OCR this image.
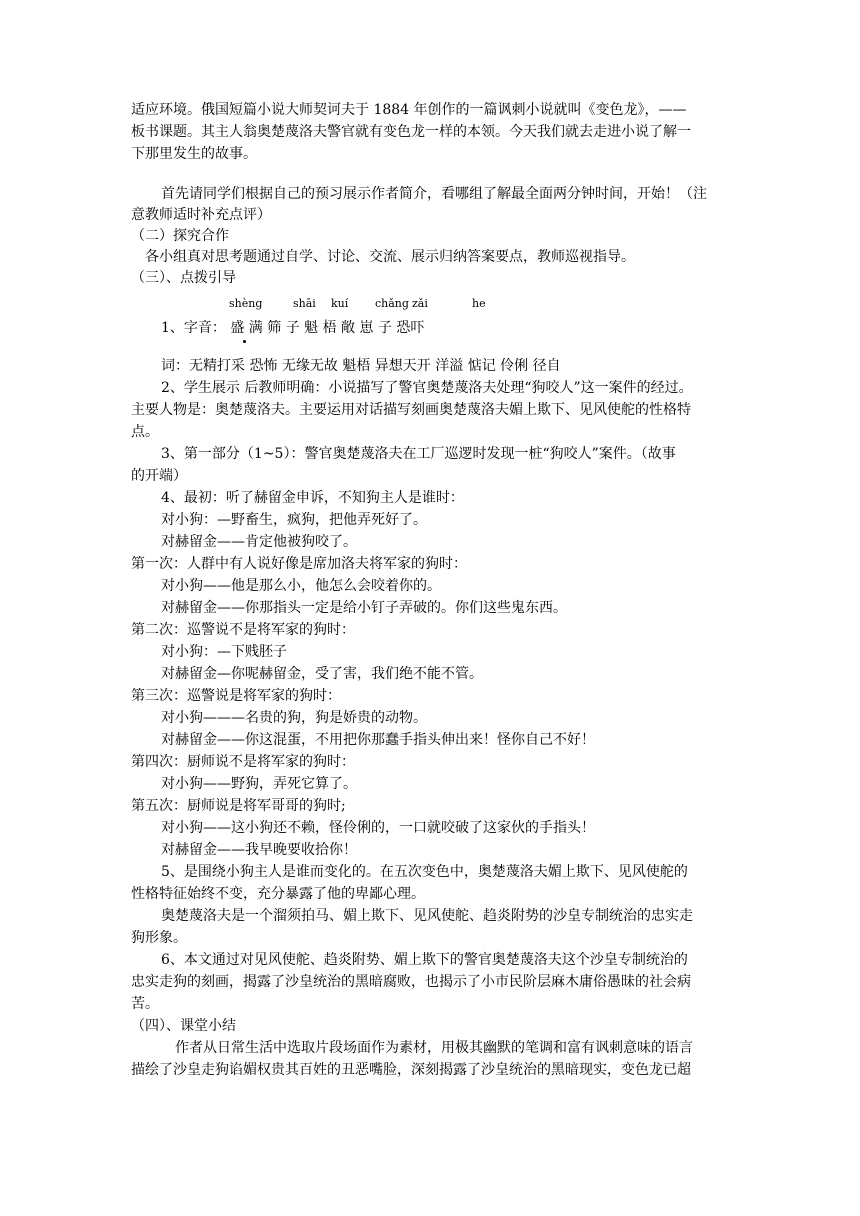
适应环境。俄国短篇小说大师契诃夫于 1884 年创作的一篇讽刺小说就叫《变色龙》，——
板书课题。其主人翁奥楚蔑洛夫警官就有变色龙一样的本领。今天我们就去走进小说了解一
下那里发生的故事。
首先请同学们根据自己的预习展示作者简介，看哪组了解最全面两分钟时间，开始！（注
意教师适时补充点评）
（二）探究合作
各小组真对思考题通过自学、讨论、交流、展示归纳答案要点，教师巡视指导。
（三）、点拨引导
shèng	shāi kuí chǎng zǎi	he
1、字音： 盛 满 筛 子 魁 梧 敞 崽 子 恐吓
词：无精打采 恐怖 无缘无故 魁梧 异想天开 洋溢 惦记 伶俐 径自
2、学生展示 后教师明确：小说描写了警官奥楚蔑洛夫处理“狗咬人”这一案件的经过。
主要人物是：奥楚蔑洛夫。主要运用对话描写刻画奥楚蔑洛夫媚上欺下、见风使舵的性格特
点。
3、第一部分（1~5）：警官奥楚蔑洛夫在工厂巡逻时发现一桩“狗咬人”案件。（故事
的开端）
4、最初：听了赫留金申诉，不知狗主人是谁时：
对小狗：—野畜生，疯狗，把他弄死好了。
对赫留金——肯定他被狗咬了。
第一次：人群中有人说好像是席加洛夫将军家的狗时：
对小狗——他是那么小，他怎么会咬着你的。
对赫留金——你那指头一定是给小钉子弄破的。你们这些鬼东西。
第二次：巡警说不是将军家的狗时：
对小狗：—下贱胚子
对赫留金—你呢赫留金，受了害，我们绝不能不管。
第三次：巡警说是将军家的狗时：
对小狗———名贵的狗，狗是娇贵的动物。
对赫留金——你这混蛋，不用把你那蠢手指头伸出来！怪你自己不好！
第四次：厨师说不是将军家的狗时：
对小狗——野狗，弄死它算了。
第五次：厨师说是将军哥哥的狗时;
对小狗——这小狗还不赖，怪伶俐的，一口就咬破了这家伙的手指头！
对赫留金——我早晚要收拾你！
5、是围绕小狗主人是谁而变化的。在五次变色中，奥楚蔑洛夫媚上欺下、见风使舵的
性格特征始终不变，充分暴露了他的卑鄙心理。
奥楚蔑洛夫是一个溜须拍马、媚上欺下、见风使舵、趋炎附势的沙皇专制统治的忠实走
狗形象。
6、本文通过对见风使舵、趋炎附势、媚上欺下的警官奥楚蔑洛夫这个沙皇专制统治的
忠实走狗的刻画，揭露了沙皇统治的黑暗腐败，也揭示了小市民阶层麻木庸俗愚昧的社会病
苦。
（四）、课堂小结
作者从日常生活中选取片段场面作为素材，用极其幽默的笔调和富有讽刺意味的语言
描绘了沙皇走狗谄媚权贵其百姓的丑恶嘴脸，深刻揭露了沙皇统治的黑暗现实，变色龙已超
